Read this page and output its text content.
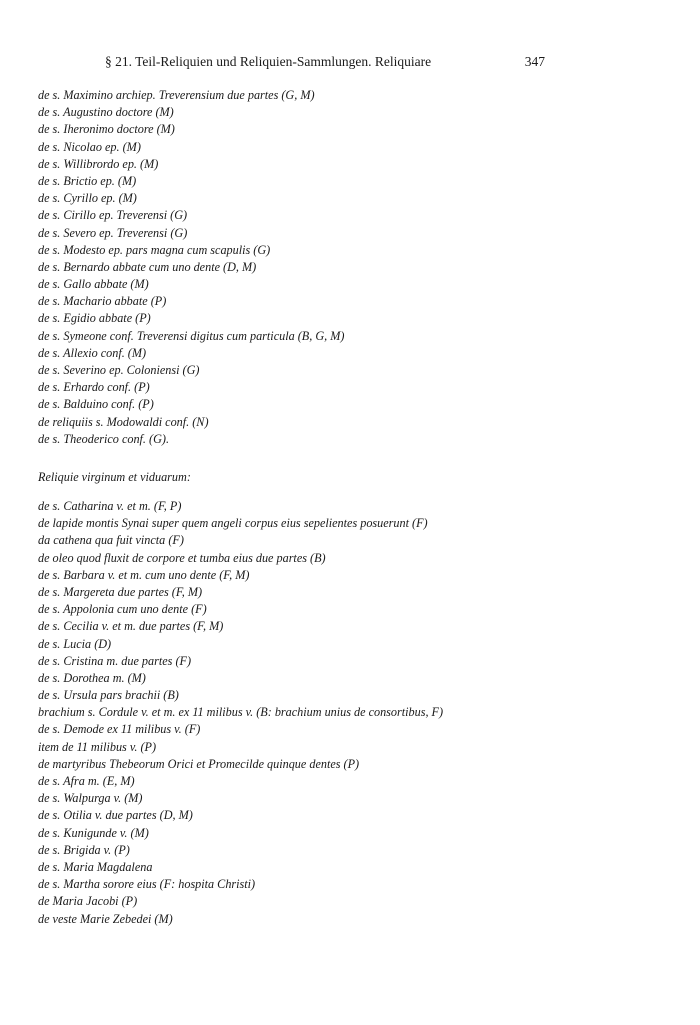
§ 21. Teil-Reliquien und Reliquien-Sammlungen. Reliquiare	347
de s. Maximino archiep. Treverensium due partes (G, M)
de s. Augustino doctore (M)
de s. Iheronimo doctore (M)
de s. Nicolao ep. (M)
de s. Willibrordo ep. (M)
de s. Brictio ep. (M)
de s. Cyrillo ep. (M)
de s. Cirillo ep. Treverensi (G)
de s. Severo ep. Treverensi (G)
de s. Modesto ep. pars magna cum scapulis (G)
de s. Bernardo abbate cum uno dente (D, M)
de s. Gallo abbate (M)
de s. Machario abbate (P)
de s. Egidio abbate (P)
de s. Symeone conf. Treverensi digitus cum particula (B, G, M)
de s. Allexio conf. (M)
de s. Severino ep. Coloniensi (G)
de s. Erhardo conf. (P)
de s. Balduino conf. (P)
de reliquiis s. Modowaldi conf. (N)
de s. Theoderico conf. (G).
Reliquie virginum et viduarum:
de s. Catharina v. et m. (F, P)
de lapide montis Synai super quem angeli corpus eius sepelientes posuerunt (F)
da cathena qua fuit vincta (F)
de oleo quod fluxit de corpore et tumba eius due partes (B)
de s. Barbara v. et m. cum uno dente (F, M)
de s. Margereta due partes (F, M)
de s. Appolonia cum uno dente (F)
de s. Cecilia v. et m. due partes (F, M)
de s. Lucia (D)
de s. Cristina m. due partes (F)
de s. Dorothea m. (M)
de s. Ursula pars brachii (B)
brachium s. Cordule v. et m. ex 11 milibus v. (B: brachium unius de consortibus, F)
de s. Demode ex 11 milibus v. (F)
item de 11 milibus v. (P)
de martyribus Thebeorum Orici et Promecilde quinque dentes (P)
de s. Afra m. (E, M)
de s. Walpurga v. (M)
de s. Otilia v. due partes (D, M)
de s. Kunigunde v. (M)
de s. Brigida v. (P)
de s. Maria Magdalena
de s. Martha sorore eius (F: hospita Christi)
de Maria Jacobi (P)
de veste Marie Zebedei (M)
